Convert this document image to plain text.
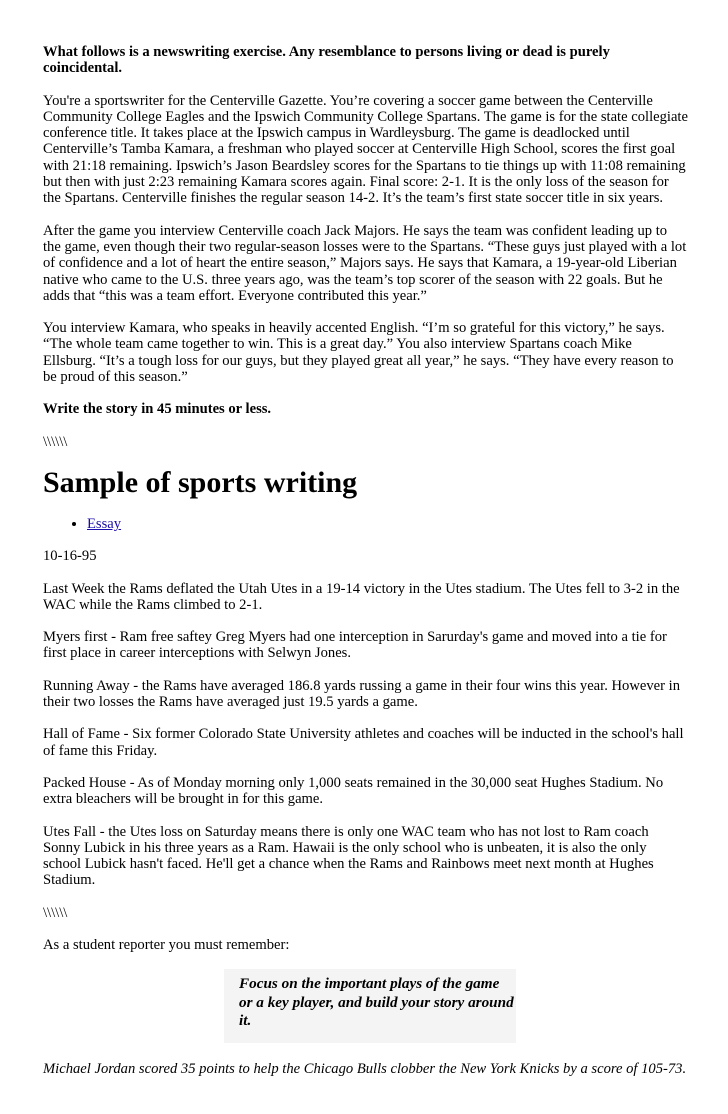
What follows is a newswriting exercise. Any resemblance to persons living or dead is purely coincidental.

You're a sportswriter for the Centerville Gazette. You’re covering a soccer game between the Centerville Community College Eagles and the Ipswich Community College Spartans. The game is for the state collegiate conference title. It takes place at the Ipswich campus in Wardleysburg. The game is deadlocked until Centerville’s Tamba Kamara, a freshman who played soccer at Centerville High School, scores the first goal with 21:18 remaining. Ipswich’s Jason Beardsley scores for the Spartans to tie things up with 11:08 remaining but then with just 2:23 remaining Kamara scores again. Final score: 2-1. It is the only loss of the season for the Spartans. Centerville finishes the regular season 14-2. It’s the team’s first state soccer title in six years.

After the game you interview Centerville coach Jack Majors. He says the team was confident leading up to the game, even though their two regular-season losses were to the Spartans. “These guys just played with a lot of confidence and a lot of heart the entire season,” Majors says. He says that Kamara, a 19-year-old Liberian native who came to the U.S. three years ago, was the team’s top scorer of the season with 22 goals. But he adds that “this was a team effort. Everyone contributed this year.”

You interview Kamara, who speaks in heavily accented English. “I’m so grateful for this victory,” he says. “The whole team came together to win. This is a great day.” You also interview Spartans coach Mike Ellsburg. “It’s a tough loss for our guys, but they played great all year,” he says. “They have every reason to be proud of this season.”

Write the story in 45 minutes or less.

\\\\\\

Sample of sports writing
• Essay

10-16-95

Last Week the Rams deflated the Utah Utes in a 19-14 victory in the Utes stadium. The Utes fell to 3-2 in the WAC while the Rams climbed to 2-1.

Myers first - Ram free saftey Greg Myers had one interception in Sarurday's game and moved into a tie for first place in career interceptions with Selwyn Jones.

Running Away - the Rams have averaged 186.8 yards russing a game in their four wins this year. However in their two losses the Rams have averaged just 19.5 yards a game.

Hall of Fame - Six former Colorado State University athletes and coaches will be inducted in the school's hall of fame this Friday.

Packed House - As of Monday morning only 1,000 seats remained in the 30,000 seat Hughes Stadium. No extra bleachers will be brought in for this game.

Utes Fall - the Utes loss on Saturday means there is only one WAC team who has not lost to Ram coach Sonny Lubick in his three years as a Ram. Hawaii is the only school who is unbeaten, it is also the only school Lubick hasn't faced. He'll get a chance when the Rams and Rainbows meet next month at Hughes Stadium.

\\\\\\

As a student reporter you must remember:

Focus on the important plays of the game or a key player, and build your story around it.

Michael Jordan scored 35 points to help the Chicago Bulls clobber the New York Knicks by a score of 105-73.
